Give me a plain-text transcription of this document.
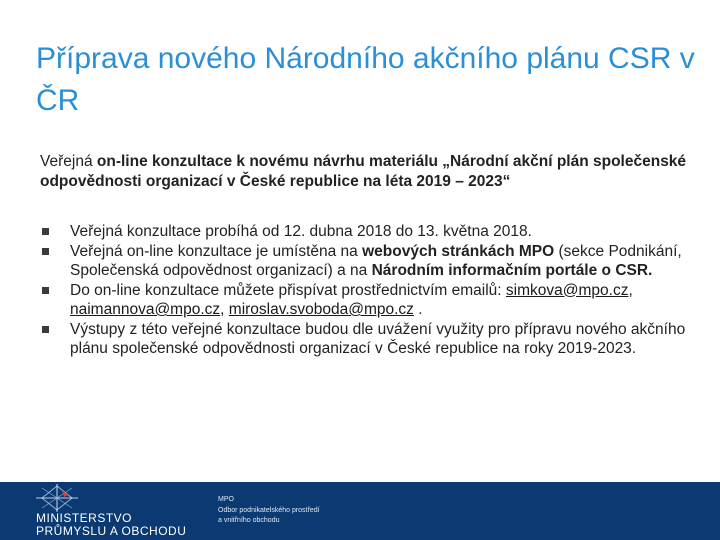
Příprava nového Národního akčního plánu CSR v ČR
Veřejná on-line konzultace k novému návrhu materiálu „Národní akční plán společenské odpovědnosti organizací v České republice na léta 2019 – 2023“
Veřejná konzultace probíhá od 12. dubna 2018 do 13. května 2018.
Veřejná on-line konzultace je umístěna na webových stránkách MPO (sekce Podnikání, Společenská odpovědnost organizací) a na Národním informačním portále o CSR.
Do on-line konzultace můžete přispívat prostřednictvím emailů: simkova@mpo.cz, naimannova@mpo.cz, miroslav.svoboda@mpo.cz .
Výstupy z této veřejné konzultace budou dle uvážení využity pro přípravu nového akčního plánu společenské odpovědnosti organizací v České republice na roky 2019-2023.
MINISTERSTVO
PRŮMYSLU A OBCHODU
MPO
Odbor podnikatelského prostředí
a vnitřního obchodu
